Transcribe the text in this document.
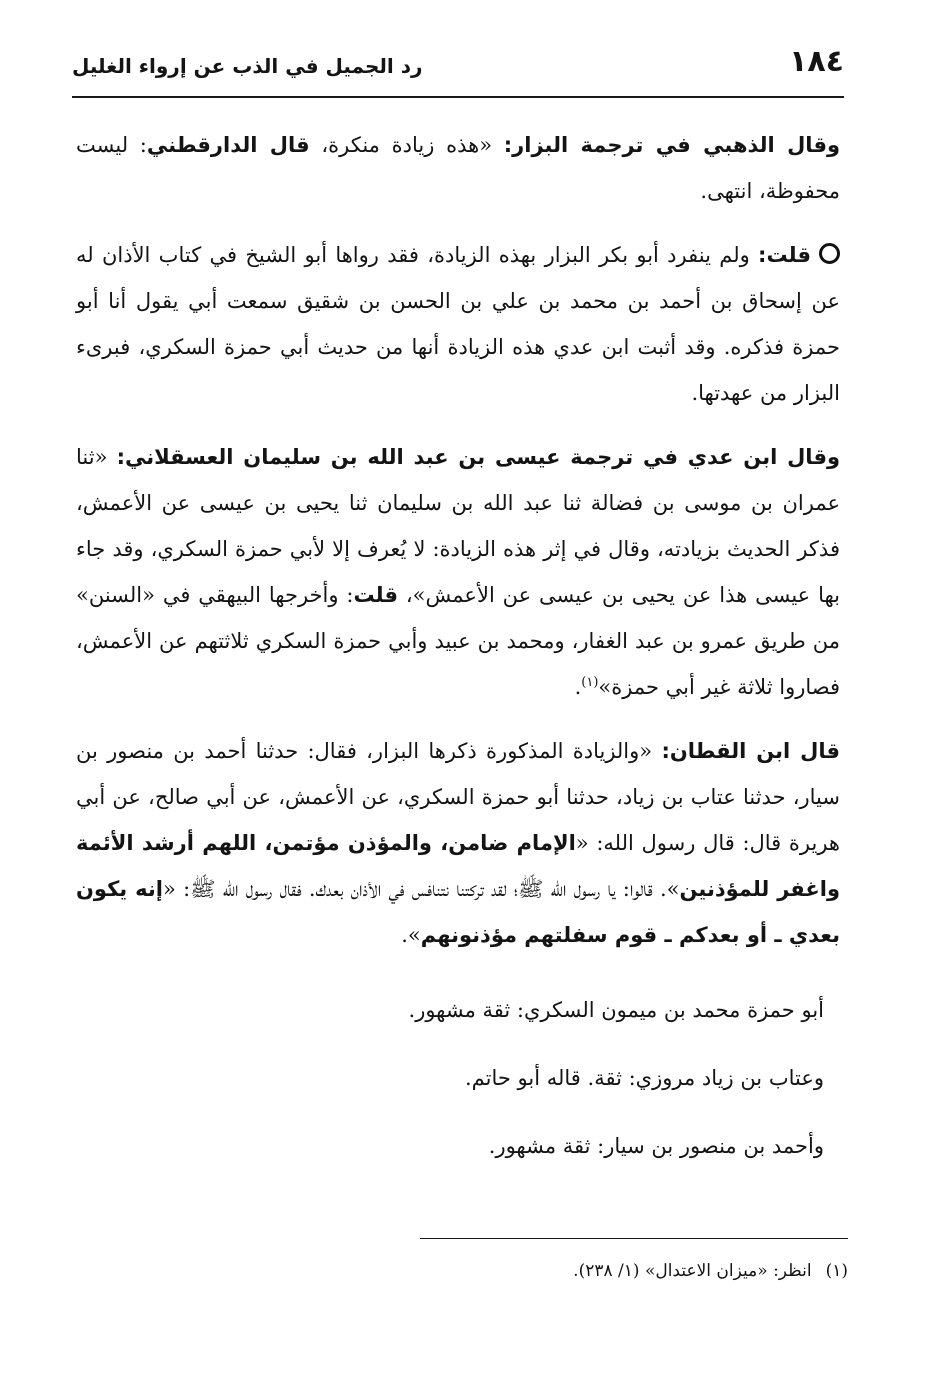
١٨٤
رد الجميل في الذب عن إرواء الغليل

وقال الذهبي في ترجمة البزار: «هذه زيادة منكرة، قال الدارقطني: ليست محفوظة، انتهى.

قلت: ولم ينفرد أبو بكر البزار بهذه الزيادة، فقد رواها أبو الشيخ في كتاب الأذان له عن إسحاق بن أحمد بن محمد بن علي بن الحسن بن شقيق سمعت أبي يقول أنا أبو حمزة فذكره. وقد أثبت ابن عدي هذه الزيادة أنها من حديث أبي حمزة السكري، فبرىء البزار من عهدتها.

وقال ابن عدي في ترجمة عيسى بن عبد الله بن سليمان العسقلاني: «ثنا عمران بن موسى بن فضالة ثنا عبد الله بن سليمان ثنا يحيى بن عيسى عن الأعمش، فذكر الحديث بزيادته، وقال في إثر هذه الزيادة: لا يُعرف إلا لأبي حمزة السكري، وقد جاء بها عيسى هذا عن يحيى بن عيسى عن الأعمش»، قلت: وأخرجها البيهقي في «السنن» من طريق عمرو بن عبد الغفار، ومحمد بن عبيد وأبي حمزة السكري ثلاثتهم عن الأعمش، فصاروا ثلاثة غير أبي حمزة»$^{(١)}$.

قال ابن القطان: «والزيادة المذكورة ذكرها البزار، فقال: حدثنا أحمد بن منصور بن سيار، حدثنا عتاب بن زياد، حدثنا أبو حمزة السكري، عن الأعمش، عن أبي صالح، عن أبي هريرة قال: قال رسول الله: «الإمام ضامن، والمؤذن مؤتمن، اللهم أرشد الأئمة واغفر للمؤذنين». قالوا: يا رسول الله ﷺ؛ لقد تركتنا نتنافس في الأذان بعدك. فقال رسول الله ﷺ: «إنه يكون بعدي ـ أو بعدكم ـ قوم سفلتهم مؤذنونهم».

أبو حمزة محمد بن ميمون السكري: ثقة مشهور.

وعتاب بن زياد مروزي: ثقة. قاله أبو حاتم.

وأحمد بن منصور بن سيار: ثقة مشهور.

(١)انظر: «ميزان الاعتدال» (١/ ٢٣٨).
